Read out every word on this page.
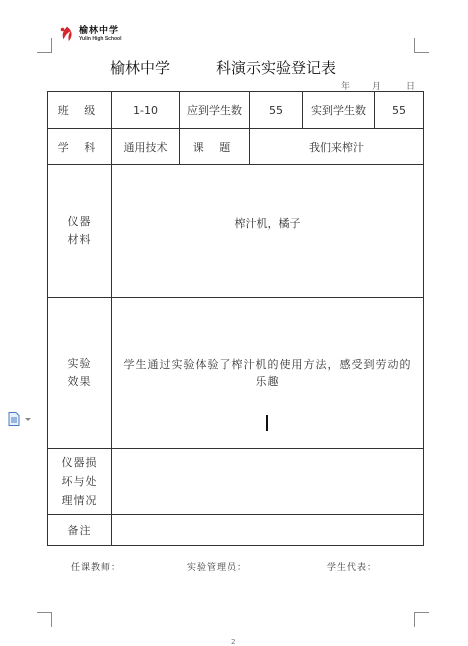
榆林中学
Yulin High School
榆林中学	科演示实验登记表
年 月	日
班 级	1-10	应到学生数	55	实到学生数	55
学 科	通用技术	课 题	我们来榨汁		
仪器材料	榨汁机，橘子				
实验效果	学生通过实验体验了榨汁机的使用方法，感受到劳动的乐趣				

仪器损坏与处理情况					
备注					
任课教师：	实验管理员：	学生代表：
2
